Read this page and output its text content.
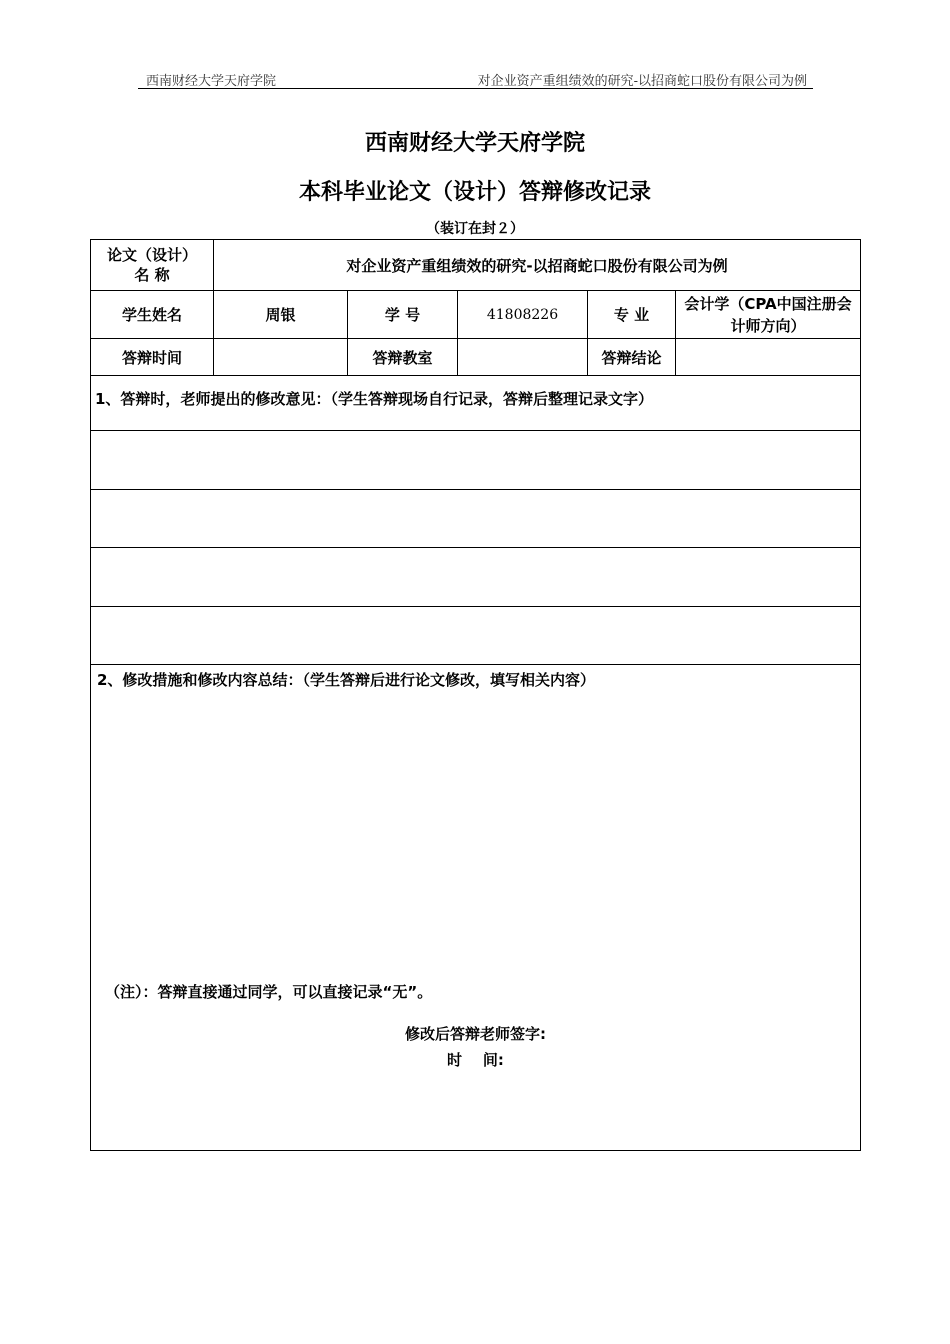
西南财经大学天府学院	对企业资产重组绩效的研究-以招商蛇口股份有限公司为例
西南财经大学天府学院
本科毕业论文（设计）答辩修改记录
（装订在封２）
论文（设计）
名 称	对企业资产重组绩效的研究-以招商蛇口股份有限公司为例				
学生姓名	周银	学 号	41808226	专 业	会计学（CPA中国注册会计师方向）
答辩时间		答辩教室		答辩结论	
1、答辩时，老师提出的修改意见：（学生答辩现场自行记录，答辩后整理记录文字）					

2、修改措施和修改内容总结：（学生答辩后进行论文修改，填写相关内容）
（注）：答辩直接通过同学，可以直接记录“无”。
修改后答辩老师签字:
时    间:					
